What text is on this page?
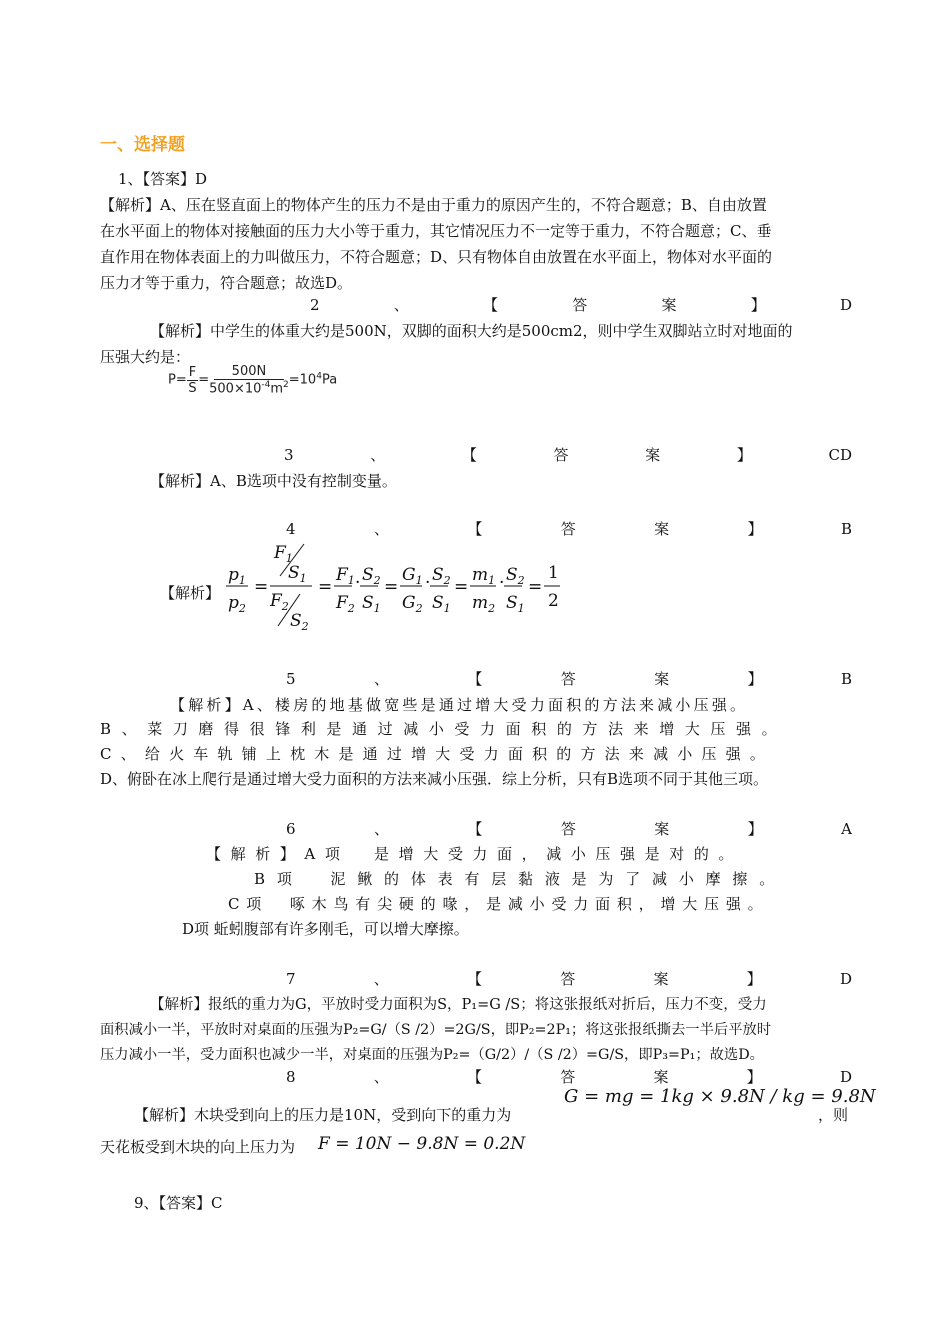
一、选择题
1、【答案】D
【解析】A、压在竖直面上的物体产生的压力不是由于重力的原因产生的，不符合题意；B、自由放置
在水平面上的物体对接触面的压力大小等于重力，其它情况压力不一定等于重力，不符合题意；C、垂
直作用在物体表面上的力叫做压力，不符合题意；D、只有物体自由放置在水平面上，物体对水平面的
压力才等于重力，符合题意；故选D。
2	、	【	答	案	】	D
【解析】中学生的体重大约是500N，双脚的面积大约是500cm2，则中学生双脚站立时对地面的
压强大约是：
$P= \frac{F}{S} = \frac{500N}{500\times 10^{-4}m^2} =10^4Pa$
3	、	【	答	案	】	CD
【解析】A、B选项中没有控制变量。
4	、	【	答	案	】	B
【解析】
$p_1$
$p_2$
=
$F_1$
$S_1$
$F_2$
$S_2$
=
$F_1$
$F_2$
· $S_2$
$S_1$
=
$G_1$
$G_2$
· $S_2$
$S_1$
=
$m_1$
$m_2$
· $S_2$
$S_1$
=
1
2
5	、	【	答	案	】	B
【解析】A、楼房的地基做宽些是通过增大受力面积的方法来减小压强。
B、菜刀磨得很锋利是通过减小受力面积的方法来增大压强。
C、给火车轨铺上枕木是通过增大受力面积的方法来减小压强。
D、俯卧在冰上爬行是通过增大受力面积的方法来减小压强．综上分析，只有B选项不同于其他三项。
6	、	【	答	案	】	A
【解析】A项　是增大受力面，减小压强是对的。
B项　泥鳅的体表有层黏液是为了减小摩擦。
C项　啄木鸟有尖硬的喙，是减小受力面积，增大压强。
D项 蚯蚓腹部有许多刚毛，可以增大摩擦。
7	、	【	答	案	】	D
【解析】报纸的重力为G，平放时受力面积为S，P₁=G /S；将这张报纸对折后，压力不变，受力
面积减小一半，平放时对桌面的压强为P₂=G/（S /2）=2G/S，即P₂=2P₁；将这张报纸撕去一半后平放时
压力减小一半，受力面积也减少一半，对桌面的压强为P₂=（G/2）/（S /2）=G/S，即P₃=P₁；故选D。
8	、	【	答	案	】	D
【解析】木块受到向上的压力是10N，受到向下的重力为
G = mg = 1kg × 9.8N / kg = 9.8N
，则
天花板受到木块的向上压力为	F = 10N − 9.8N = 0.2N
9、【答案】C
